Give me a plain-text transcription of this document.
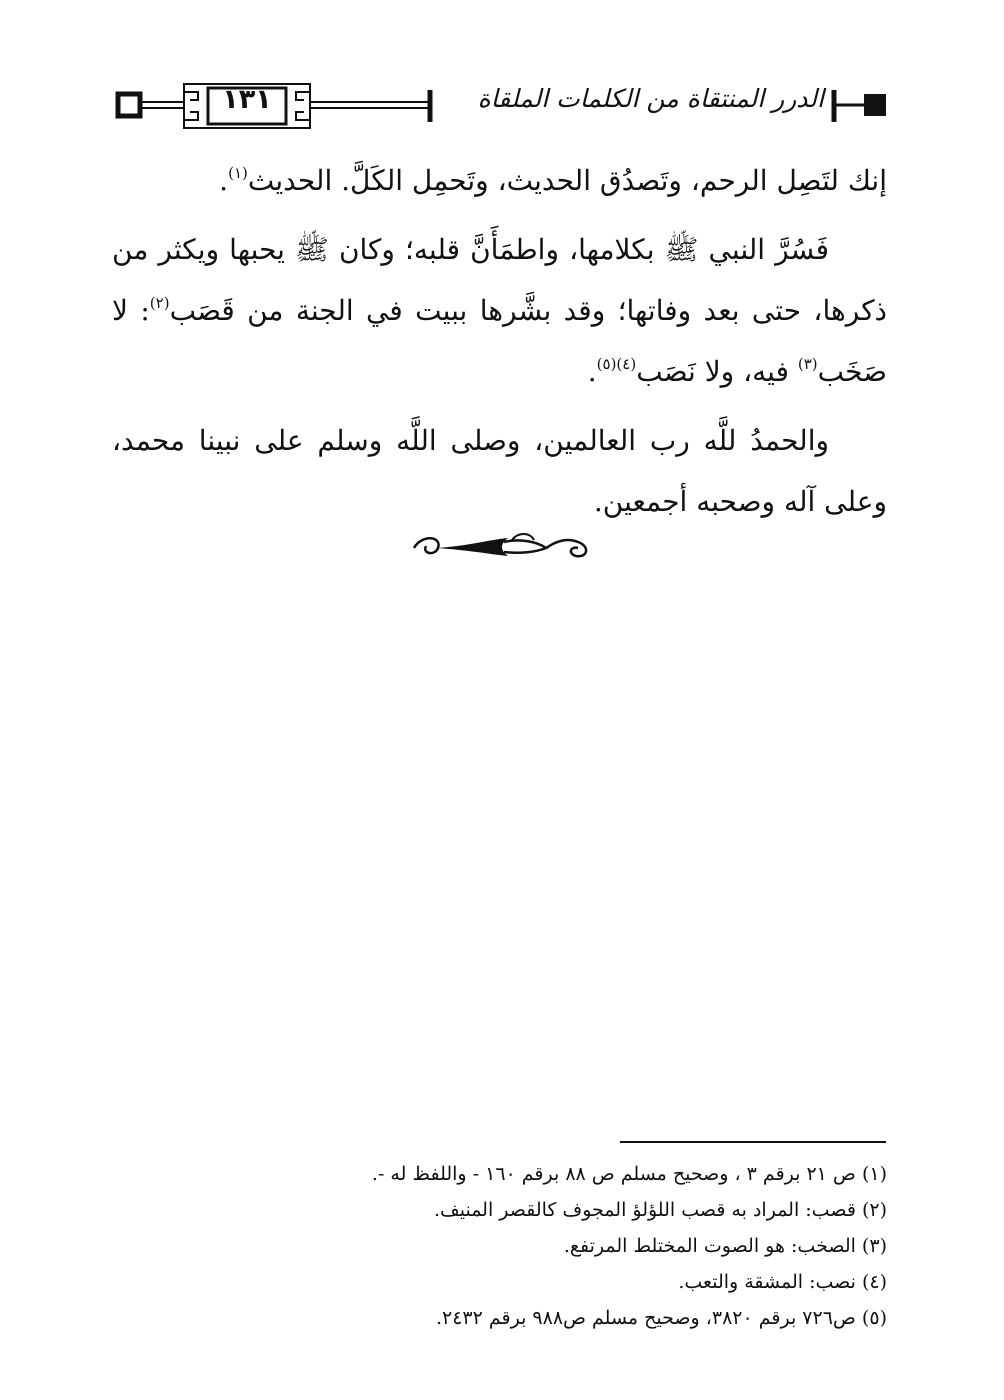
١٣١	الدرر المنتقاة من الكلمات الملقاة

إنك لتَصِل الرحم، وتَصدُق الحديث، وتَحمِل الكَلَّ. الحديث$^{(١)}$.

فَسُرَّ النبي ﷺ بكلامها، واطمَأَنَّ قلبه؛ وكان ﷺ يحبها ويكثر من ذكرها، حتى بعد وفاتها؛ وقد بشَّرها ببيت في الجنة من قَصَب$^{(٢)}$: لا صَخَب$^{(٣)}$ فيه، ولا نَصَب$^{(٤)(٥)}$.

والحمدُ للَّه رب العالمين، وصلى اللَّه وسلم على نبينا محمد، وعلى آله وصحبه أجمعين.

(١) ص ٢١ برقم ٣ ، وصحيح مسلم ص ٨٨ برقم ١٦٠ - واللفظ له -.
(٢) قصب: المراد به قصب اللؤلؤ المجوف كالقصر المنيف.
(٣) الصخب: هو الصوت المختلط المرتفع.
(٤) نصب: المشقة والتعب.
(٥) ص٧٢٦ برقم ٣٨٢٠، وصحيح مسلم ص٩٨٨ برقم ٢٤٣٢.
